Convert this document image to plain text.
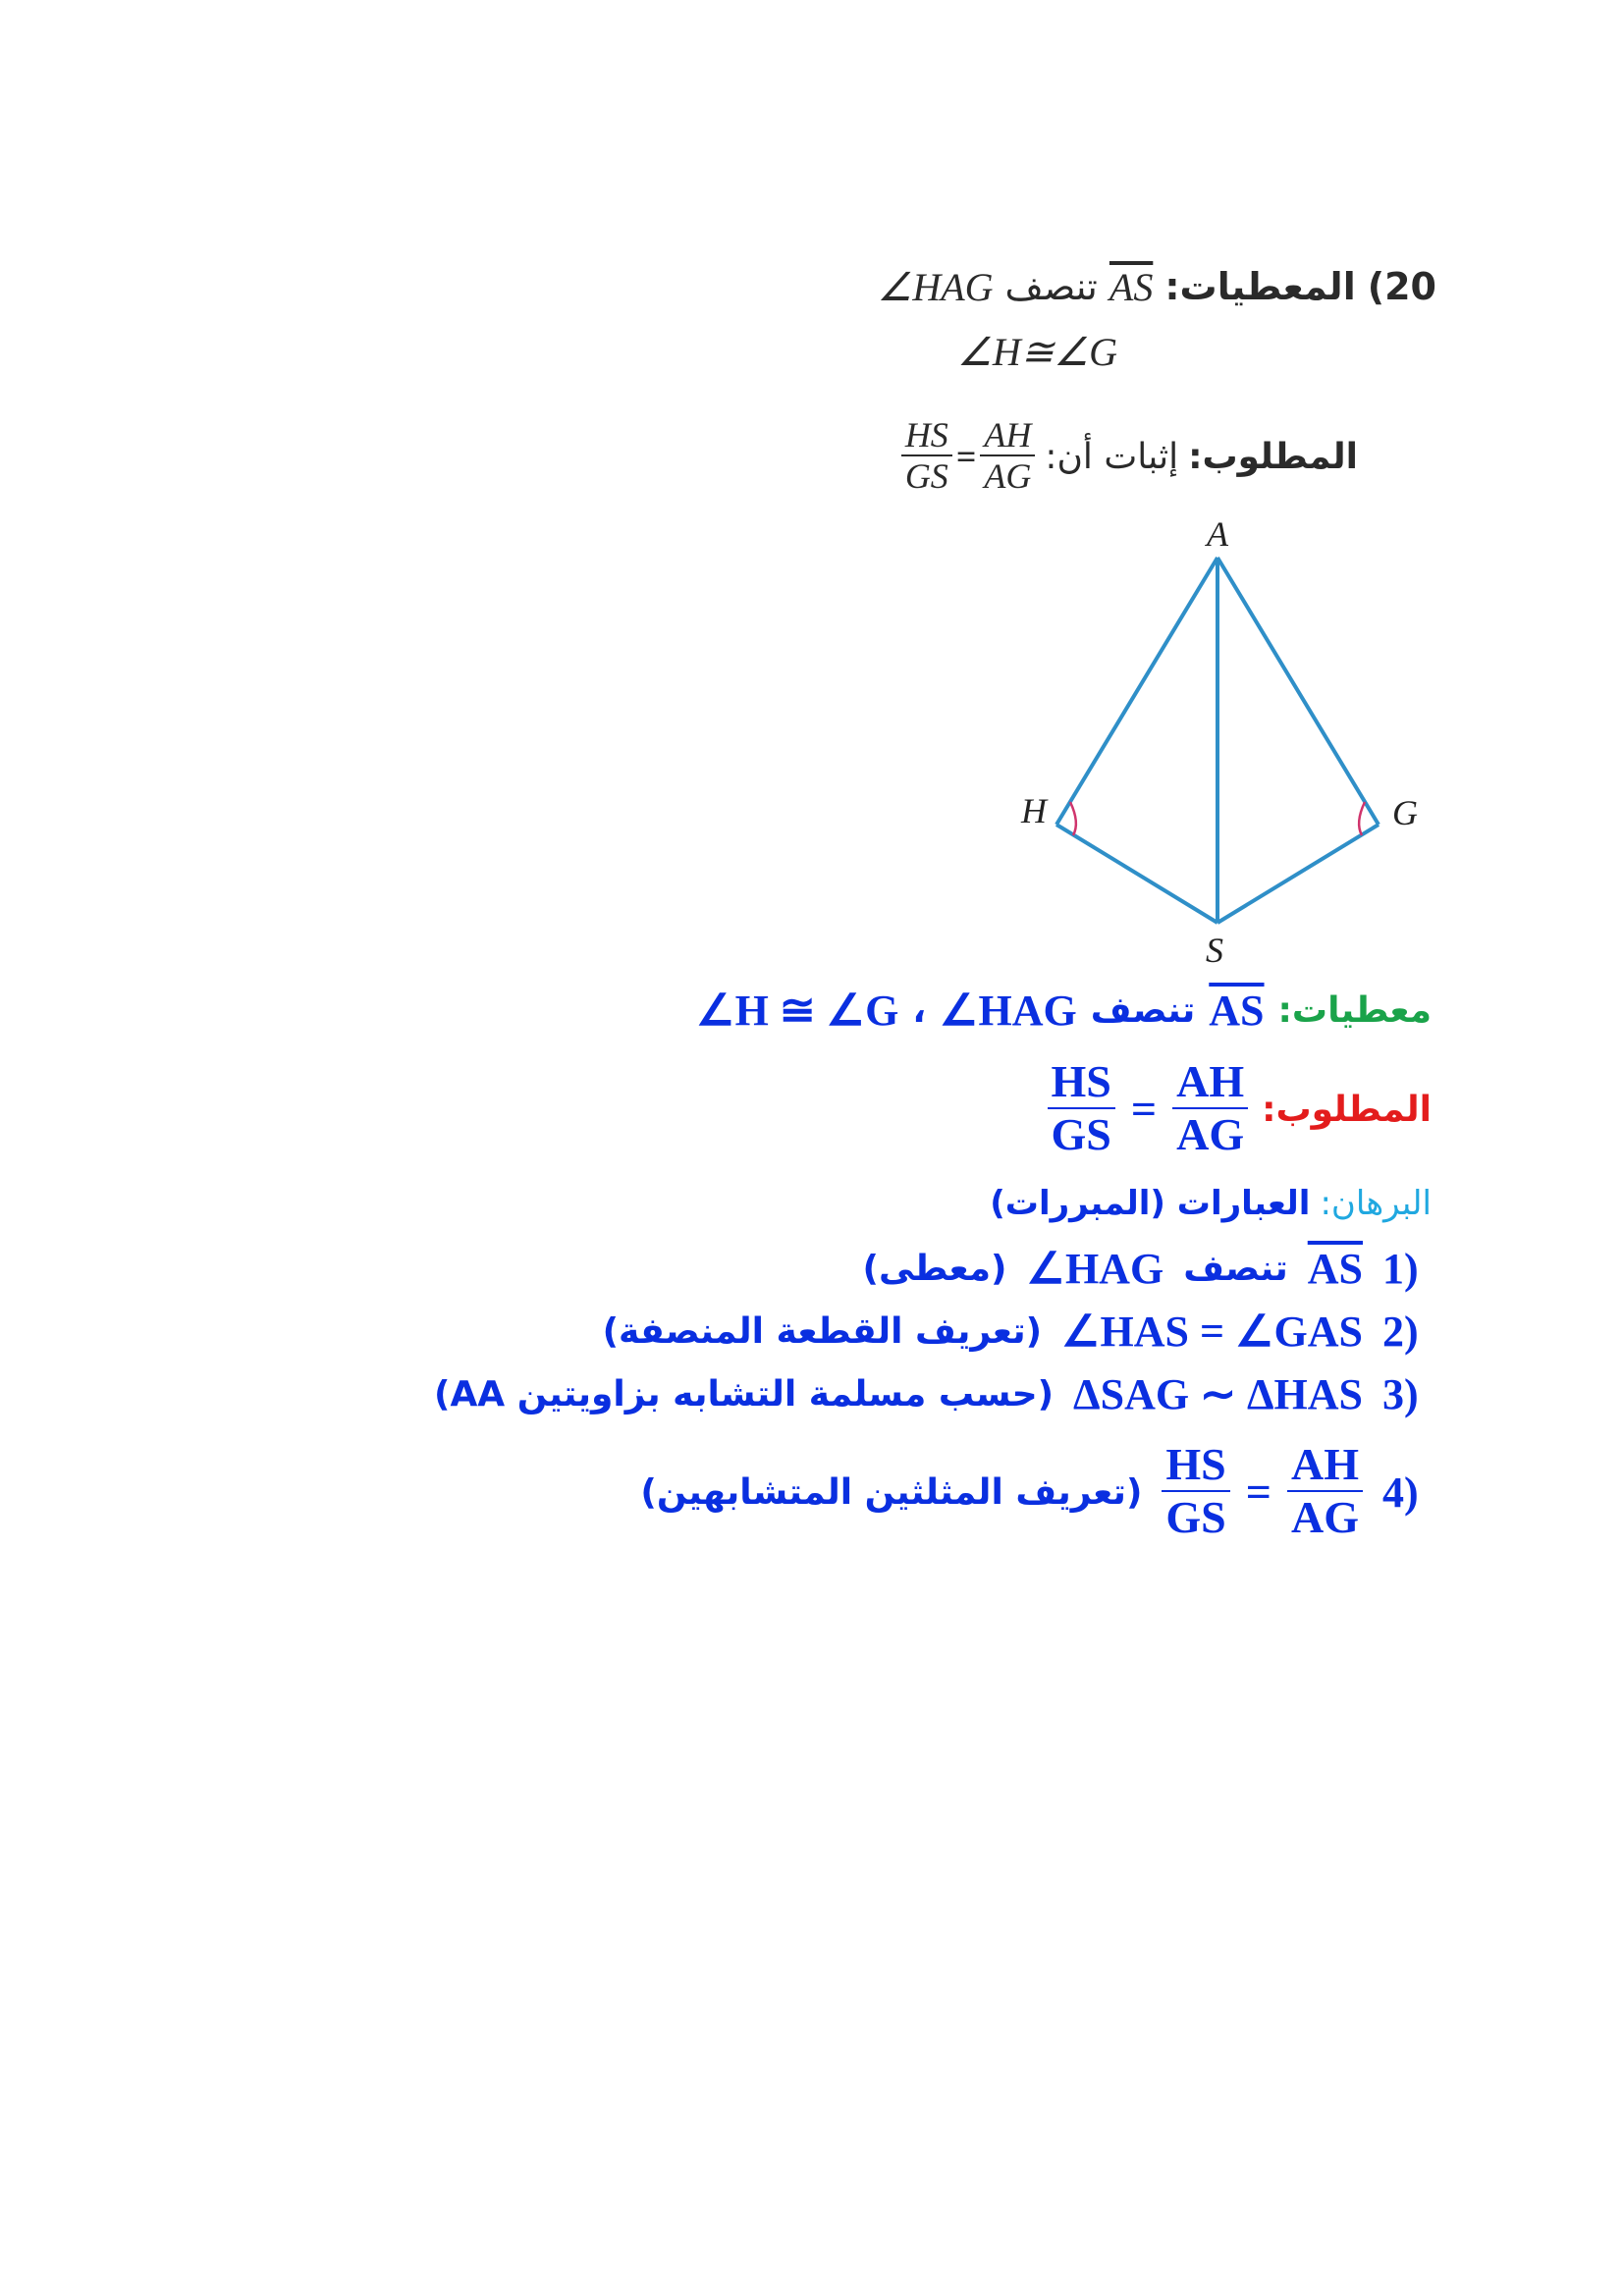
20)
المعطيات:
$\overline{AS}$
تنصف
∠HAG
∠H≅∠G
المطلوب:
إثبات أن:
$\frac{HS}{GS} = \frac{AH}{AG}$
A
H	G
S
معطيات:
$\overline{AS}$
تنصف
∠HAG
،
∠H ≅ ∠G
المطلوب:
$\frac{HS}{GS} = \frac{AH}{AG}$
البرهان:
العبارات (المبررات)
1)
$\overline{AS}$
تنصف
∠HAG
(معطى)
2)
∠HAS = ∠GAS
(تعريف القطعة المنصفة)
3)
ΔSAG ∼ ΔHAS
(حسب مسلمة التشابه بزاويتين AA)
4)
$\frac{HS}{GS} = \frac{AH}{AG}$
(تعريف المثلثين المتشابهين)
